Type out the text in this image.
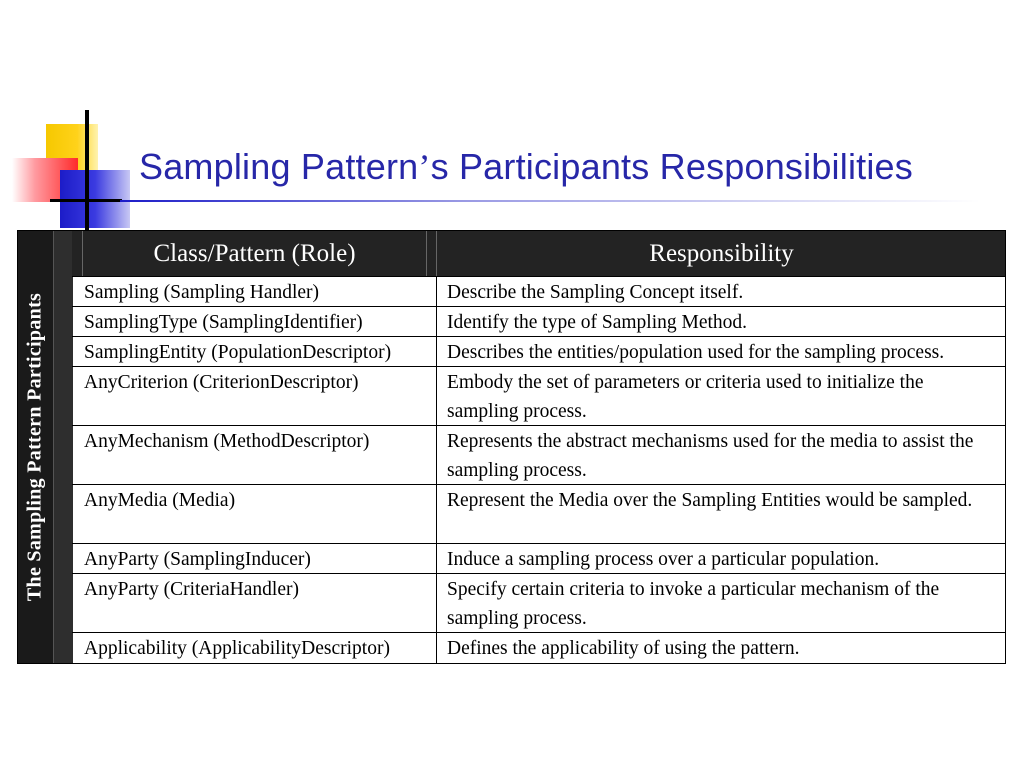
Sampling Pattern’s Participants Responsibilities
The Sampling Pattern Participants
Class/Pattern (Role)	Responsibility
Sampling (Sampling Handler)	Describe the Sampling Concept itself.
SamplingType (SamplingIdentifier)	Identify the type of Sampling Method.
SamplingEntity (PopulationDescriptor)	Describes the entities/population used for the sampling process.
AnyCriterion (CriterionDescriptor)	Embody the set of parameters or criteria used to initialize the sampling process.
AnyMechanism (MethodDescriptor)	Represents the abstract mechanisms used for the media to assist the sampling process.
AnyMedia (Media)	Represent the Media over the Sampling Entities would be sampled.
AnyParty (SamplingInducer)	Induce a sampling process over a particular population.
AnyParty (CriteriaHandler)	Specify certain criteria to invoke a particular mechanism of the sampling process.
Applicability (ApplicabilityDescriptor)	Defines the applicability of using the pattern.
